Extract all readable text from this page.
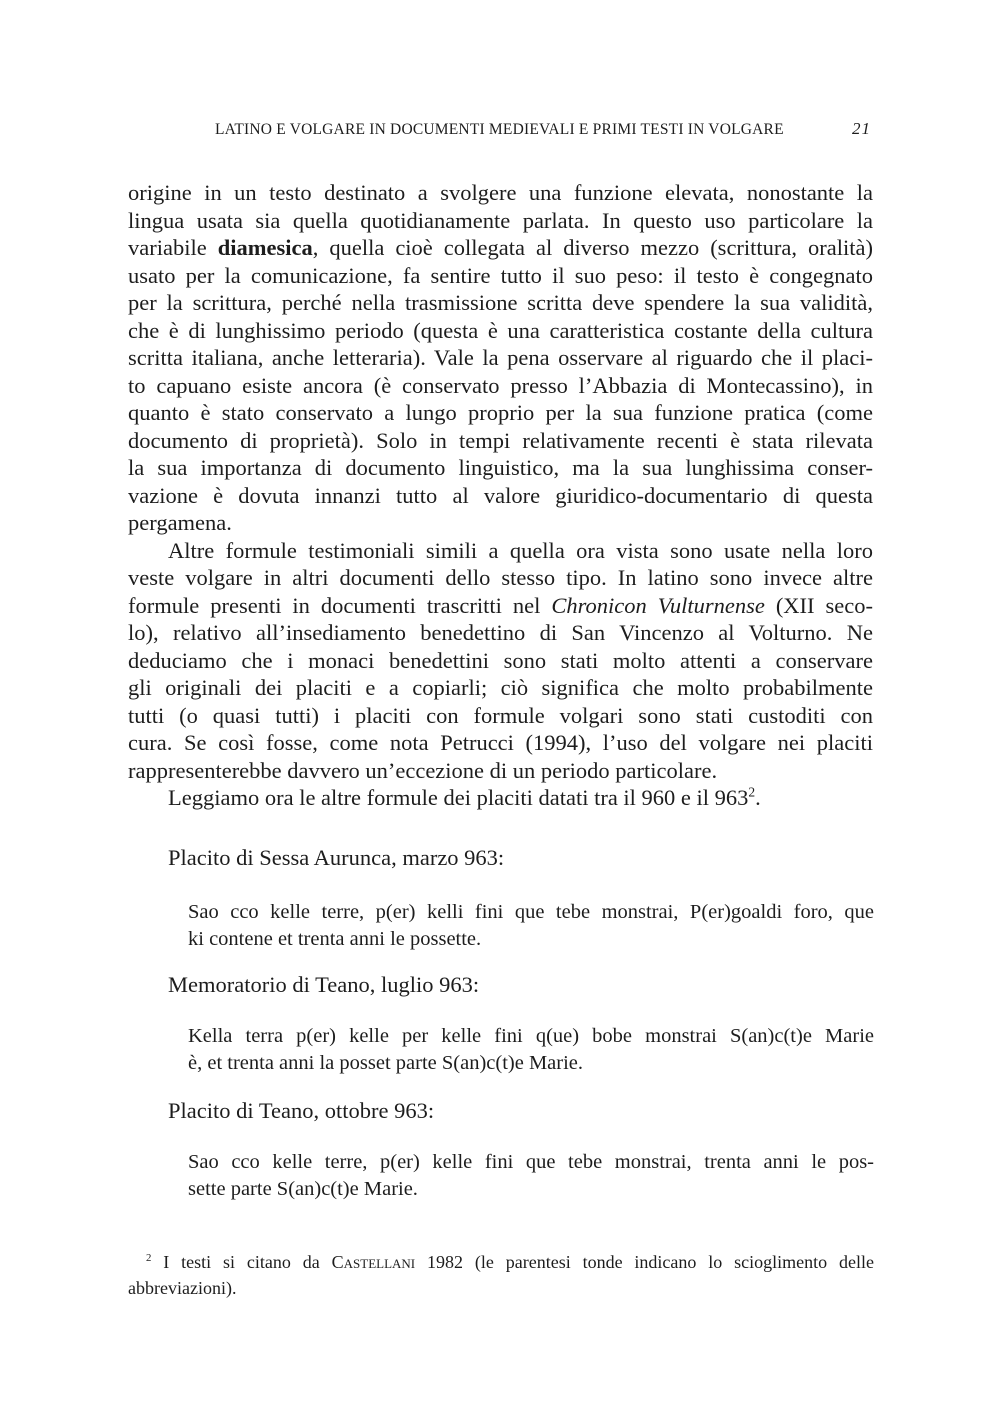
LATINO E VOLGARE IN DOCUMENTI MEDIEVALI E PRIMI TESTI IN VOLGARE	21

origine in un testo destinato a svolgere una funzione elevata, nonostante la
lingua usata sia quella quotidianamente parlata. In questo uso particolare la
variabile diamesica, quella cioè collegata al diverso mezzo (scrittura, oralità)
usato per la comunicazione, fa sentire tutto il suo peso: il testo è congegnato
per la scrittura, perché nella trasmissione scritta deve spendere la sua validità,
che è di lunghissimo periodo (questa è una caratteristica costante della cultura
scritta italiana, anche letteraria). Vale la pena osservare al riguardo che il placi-
to capuano esiste ancora (è conservato presso l’Abbazia di Montecassino), in
quanto è stato conservato a lungo proprio per la sua funzione pratica (come
documento di proprietà). Solo in tempi relativamente recenti è stata rilevata
la sua importanza di documento linguistico, ma la sua lunghissima conser-
vazione è dovuta innanzi tutto al valore giuridico-documentario di questa
pergamena.

Altre formule testimoniali simili a quella ora vista sono usate nella loro
veste volgare in altri documenti dello stesso tipo. In latino sono invece altre
formule presenti in documenti trascritti nel Chronicon Vulturnense (XII seco-
lo), relativo all’insediamento benedettino di San Vincenzo al Volturno. Ne
deduciamo che i monaci benedettini sono stati molto attenti a conservare
gli originali dei placiti e a copiarli; ciò significa che molto probabilmente
tutti (o quasi tutti) i placiti con formule volgari sono stati custoditi con
cura. Se così fosse, come nota Petrucci (1994), l’uso del volgare nei placiti
rappresenterebbe davvero un’eccezione di un periodo particolare.

Leggiamo ora le altre formule dei placiti datati tra il 960 e il $963^2$.

Placito di Sessa Aurunca, marzo 963:
Sao cco kelle terre, p(er) kelli fini que tebe monstrai, P(er)goaldi foro, que
ki contene et trenta anni le possette.
Memoratorio di Teano, luglio 963:
Kella terra p(er) kelle per kelle fini q(ue) bobe monstrai S(an)c(t)e Marie
è, et trenta anni la posset parte S(an)c(t)e Marie.
Placito di Teano, ottobre 963:
Sao cco kelle terre, p(er) kelle fini que tebe monstrai, trenta anni le pos-
sette parte S(an)c(t)e Marie.
$^2$ I testi si citano da Castellani 1982 (le parentesi tonde indicano lo scioglimento delle
abbreviazioni).
